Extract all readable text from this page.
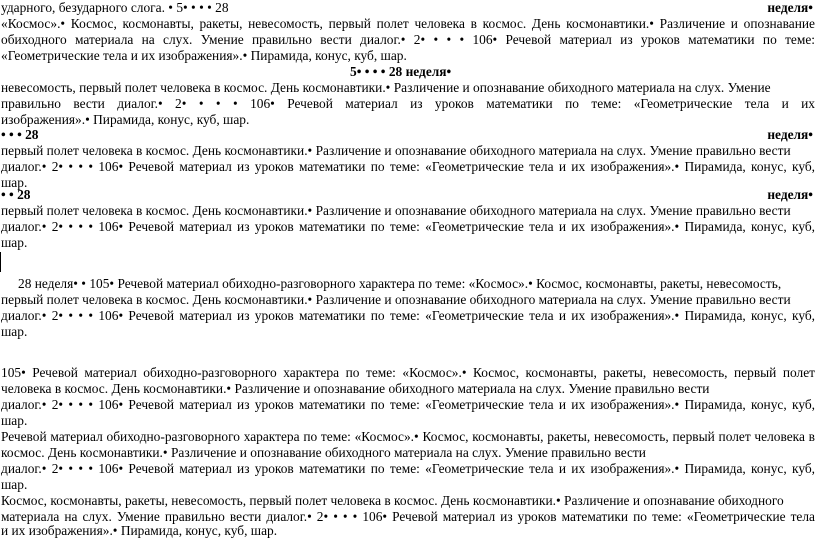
ударного, безударного слога. • 5• • • • 28	неделя•
«Космос».• Космос, космонавты, ракеты, невесомость, первый полет человека в космос. День космонавтики.• Различение и опознавание
обиходного материала на слух. Умение правильно вести диалог.• 2• • • • 106• Речевой материал из уроков математики по теме:
«Геометрические тела и их изображения».• Пирамида, конус, куб, шар.
5• • • • 28 неделя•
невесомость, первый полет человека в космос. День космонавтики.• Различение и опознавание обиходного материала на слух. Умение
правильно вести диалог.• 2• • • • 106• Речевой материал из уроков математики по теме: «Геометрические тела и их
изображения».• Пирамида, конус, куб, шар.
• • • 28	неделя•
первый полет человека в космос. День космонавтики.• Различение и опознавание обиходного материала на слух. Умение правильно вести
диалог.• 2• • • • 106• Речевой материал из уроков математики по теме: «Геометрические тела и их изображения».• Пирамида, конус, куб,
шар.
• • 28	неделя•
первый полет человека в космос. День космонавтики.• Различение и опознавание обиходного материала на слух. Умение правильно вести
диалог.• 2• • • • 106• Речевой материал из уроков математики по теме: «Геометрические тела и их изображения».• Пирамида, конус, куб,
шар.
28 неделя• • 105• Речевой материал обиходно-разговорного характера по теме: «Космос».• Космос, космонавты, ракеты, невесомость,
первый полет человека в космос. День космонавтики.• Различение и опознавание обиходного материала на слух. Умение правильно вести
диалог.• 2• • • • 106• Речевой материал из уроков математики по теме: «Геометрические тела и их изображения».• Пирамида, конус, куб,
шар.
105• Речевой материал обиходно-разговорного характера по теме: «Космос».• Космос, космонавты, ракеты, невесомость, первый полет
человека в космос. День космонавтики.• Различение и опознавание обиходного материала на слух. Умение правильно вести
диалог.• 2• • • • 106• Речевой материал из уроков математики по теме: «Геометрические тела и их изображения».• Пирамида, конус, куб,
шар.
Речевой материал обиходно-разговорного характера по теме: «Космос».• Космос, космонавты, ракеты, невесомость, первый полет человека в
космос. День космонавтики.• Различение и опознавание обиходного материала на слух. Умение правильно вести
диалог.• 2• • • • 106• Речевой материал из уроков математики по теме: «Геометрические тела и их изображения».• Пирамида, конус, куб,
шар.
Космос, космонавты, ракеты, невесомость, первый полет человека в космос. День космонавтики.• Различение и опознавание обиходного
материала на слух. Умение правильно вести диалог.• 2• • • • 106• Речевой материал из уроков математики по теме: «Геометрические тела
и их изображения».• Пирамида, конус, куб, шар.
